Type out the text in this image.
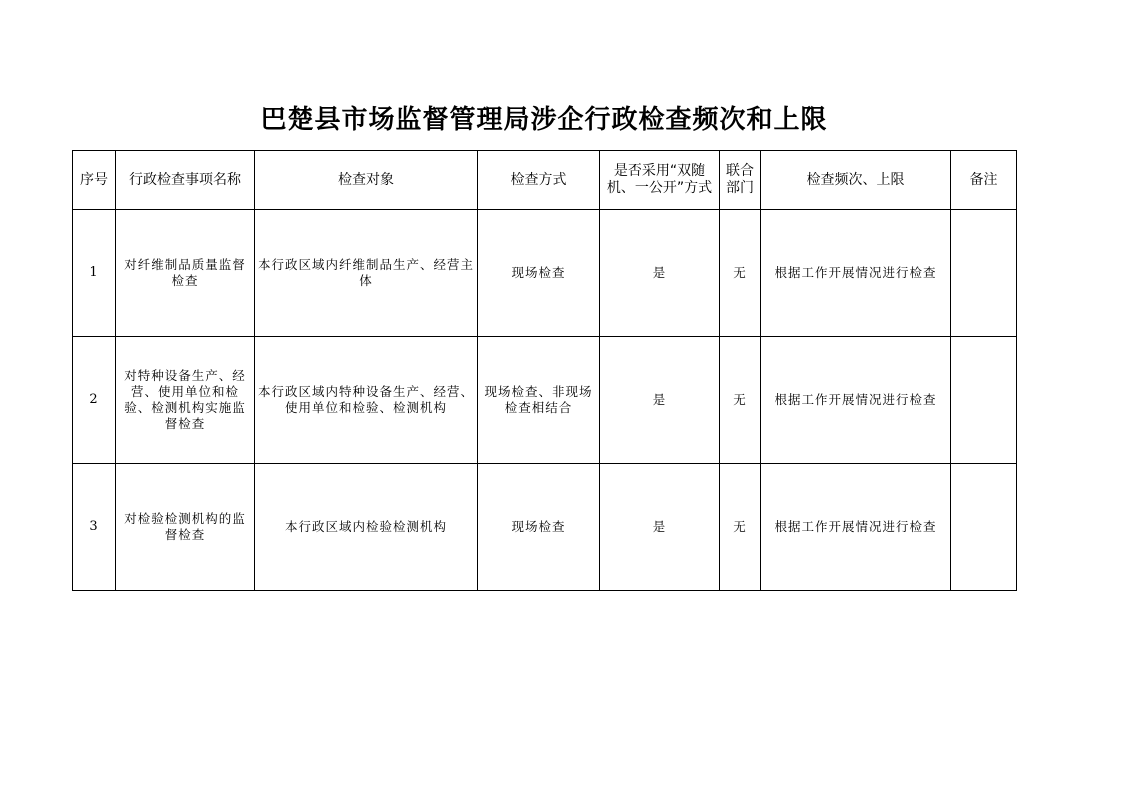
巴楚县市场监督管理局涉企行政检查频次和上限
序号	行政检查事项名称	检查对象	检查方式	是否采用“双随机、一公开”方式	联合部门	检查频次、上限	备注
1	对纤维制品质量监督检查	本行政区域内纤维制品生产、经营主体	现场检查	是	无	根据工作开展情况进行检查	
2	对特种设备生产、经营、使用单位和检验、检测机构实施监督检查	本行政区域内特种设备生产、经营、使用单位和检验、检测机构	现场检查、非现场检查相结合	是	无	根据工作开展情况进行检查	
3	对检验检测机构的监督检查	本行政区域内检验检测机构	现场检查	是	无	根据工作开展情况进行检查	
